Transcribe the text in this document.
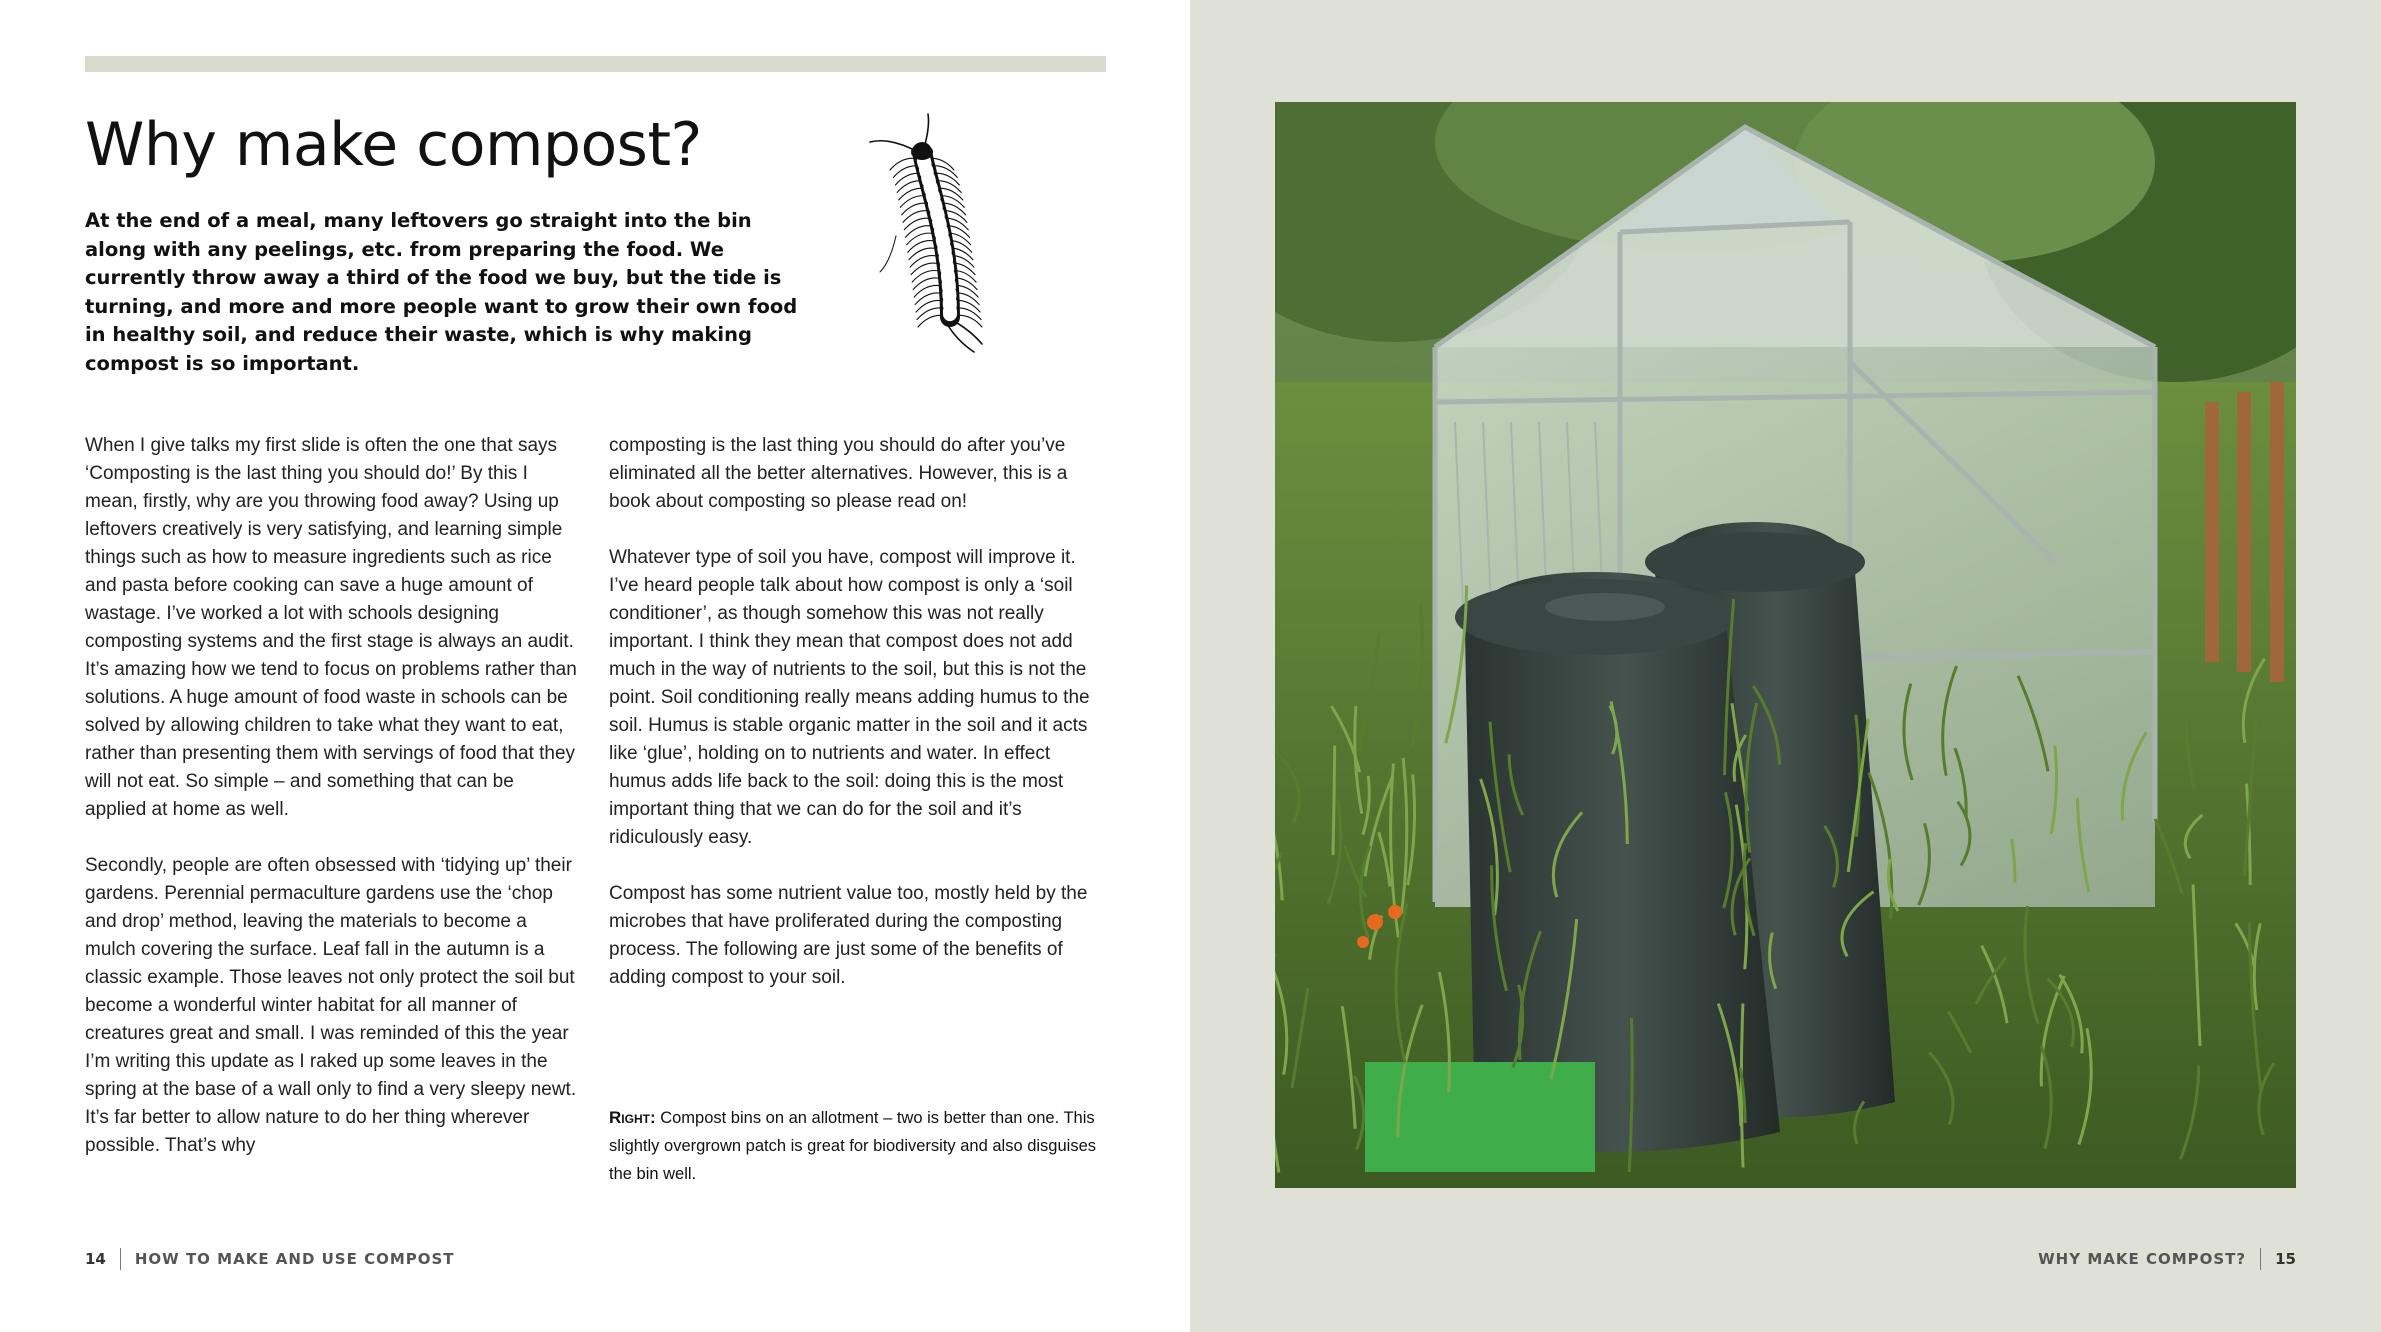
Why make compost?

At the end of a meal, many leftovers go straight into the bin along with any peelings, etc. from preparing the food. We currently throw away a third of the food we buy, but the tide is turning, and more and more people want to grow their own food in healthy soil, and reduce their waste, which is why making compost is so important.

When I give talks my first slide is often the one that says ‘Composting is the last thing you should do!’ By this I mean, firstly, why are you throwing food away? Using up leftovers creatively is very satisfying, and learning simple things such as how to measure ingredients such as rice and pasta before cooking can save a huge amount of wastage. I’ve worked a lot with schools designing composting systems and the first stage is always an audit. It’s amazing how we tend to focus on problems rather than solutions. A huge amount of food waste in schools can be solved by allowing children to take what they want to eat, rather than presenting them with servings of food that they will not eat. So simple – and something that can be applied at home as well.

Secondly, people are often obsessed with ‘tidying up’ their gardens. Perennial permaculture gardens use the ‘chop and drop’ method, leaving the materials to become a mulch covering the surface. Leaf fall in the autumn is a classic example. Those leaves not only protect the soil but become a wonderful winter habitat for all manner of creatures great and small. I was reminded of this the year I’m writing this update as I raked up some leaves in the spring at the base of a wall only to find a very sleepy newt. It’s far better to allow nature to do her thing wherever possible. That’s why

composting is the last thing you should do after you’ve eliminated all the better alternatives. However, this is a book about composting so please read on!

Whatever type of soil you have, compost will improve it. I’ve heard people talk about how compost is only a ‘soil conditioner’, as though somehow this was not really important. I think they mean that compost does not add much in the way of nutrients to the soil, but this is not the point. Soil conditioning really means adding humus to the soil. Humus is stable organic matter in the soil and it acts like ‘glue’, holding on to nutrients and water. In effect humus adds life back to the soil: doing this is the most important thing that we can do for the soil and it’s ridiculously easy.

Compost has some nutrient value too, mostly held by the microbes that have proliferated during the composting process. The following are just some of the benefits of adding compost to your soil.

Right: Compost bins on an allotment – two is better than one. This slightly overgrown patch is great for biodiversity and also disguises the bin well.

14 HOW TO MAKE AND USE COMPOST	WHY MAKE COMPOST? 15
